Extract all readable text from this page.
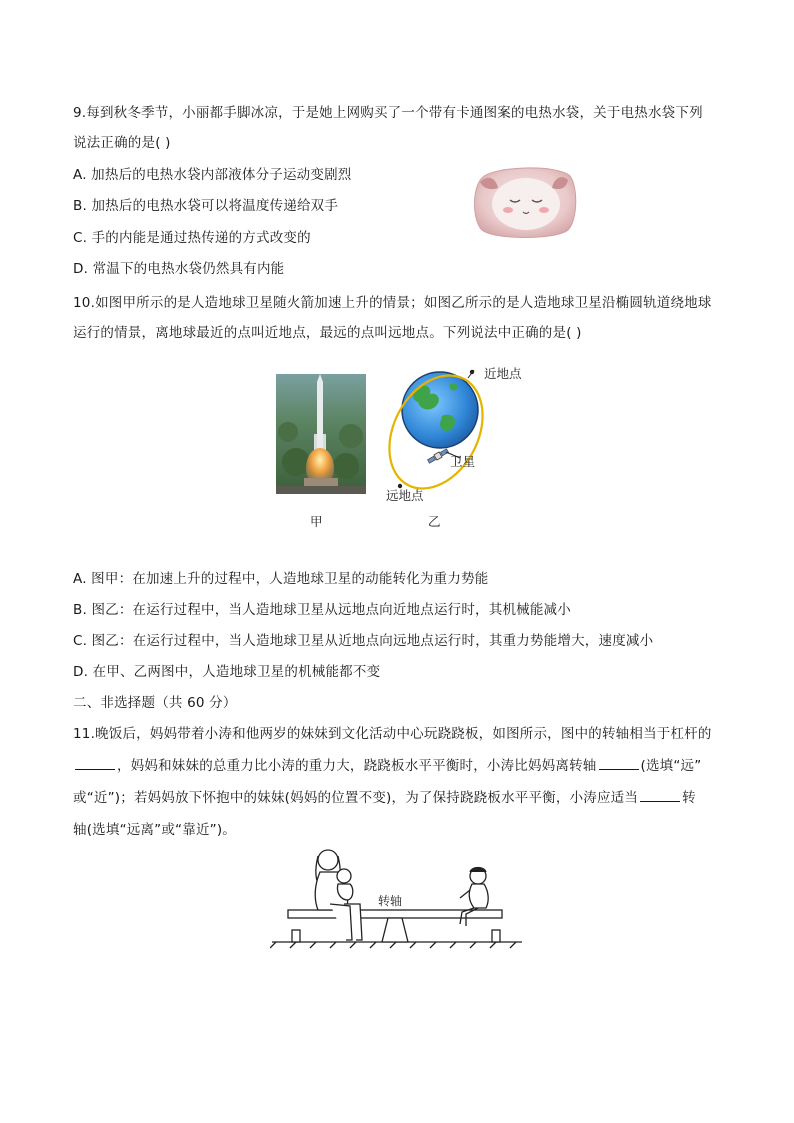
9.每到秋冬季节，小丽都手脚冰凉，于是她上网购买了一个带有卡通图案的电热水袋，关于电热水袋下列
说法正确的是( )
A. 加热后的电热水袋内部液体分子运动变剧烈
B. 加热后的电热水袋可以将温度传递给双手
C. 手的内能是通过热传递的方式改变的
D. 常温下的电热水袋仍然具有内能
10.如图甲所示的是人造地球卫星随火箭加速上升的情景；如图乙所示的是人造地球卫星沿椭圆轨道绕地球
运行的情景，离地球最近的点叫近地点，最远的点叫远地点。下列说法中正确的是( )
甲
近地点
卫星
远地点
乙
A. 图甲：在加速上升的过程中，人造地球卫星的动能转化为重力势能
B. 图乙：在运行过程中，当人造地球卫星从远地点向近地点运行时，其机械能减小
C. 图乙：在运行过程中，当人造地球卫星从近地点向远地点运行时，其重力势能增大，速度减小
D. 在甲、乙两图中，人造地球卫星的机械能都不变
二、非选择题（共 60 分）
11.晚饭后，妈妈带着小涛和他两岁的妹妹到文化活动中心玩跷跷板，如图所示，图中的转轴相当于杠杆的
，妈妈和妹妹的总重力比小涛的重力大，跷跷板水平平衡时，小涛比妈妈离转轴	(选填“远”
或“近”)；若妈妈放下怀抱中的妹妹(妈妈的位置不变)，为了保持跷跷板水平平衡，小涛应适当	转
轴(选填“远离”或“靠近”)。
转轴
